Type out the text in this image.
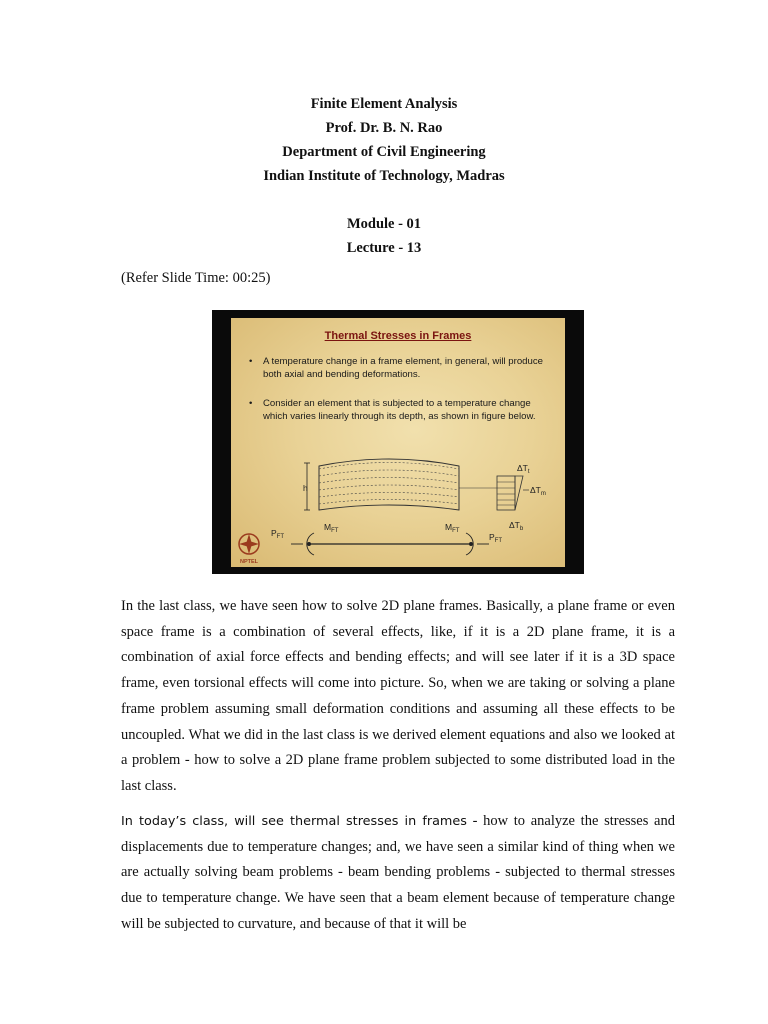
Finite Element Analysis
Prof. Dr. B. N. Rao
Department of Civil Engineering
Indian Institute of Technology, Madras
Module - 01
Lecture - 13
(Refer Slide Time: 00:25)
Thermal Stresses in Frames
• A temperature change in a frame element, in general, will produce both axial and bending deformations.
• Consider an element that is subjected to a temperature change which varies linearly through its depth, as shown in figure below.
h
$\Delta T_t$
$\Delta T_m$
$\Delta T_b$
$M_{FT}$	$M_{FT}$
$P_{FT}$	$P_{FT}$
NPTEL

In the last class, we have seen how to solve 2D plane frames. Basically, a plane frame or even space frame is a combination of several effects, like, if it is a 2D plane frame, it is a combination of axial force effects and bending effects; and will see later if it is a 3D space frame, even torsional effects will come into picture. So, when we are taking or solving a plane frame problem assuming small deformation conditions and assuming all these effects to be uncoupled. What we did in the last class is we derived element equations and also we looked at a problem - how to solve a 2D plane frame problem subjected to some distributed load in the last class.

In today’s class, will see thermal stresses in frames - how to analyze the stresses and displacements due to temperature changes; and, we have seen a similar kind of thing when we are actually solving beam problems - beam bending problems - subjected to thermal stresses due to temperature change. We have seen that a beam element because of temperature change will be subjected to curvature, and because of that it will be
